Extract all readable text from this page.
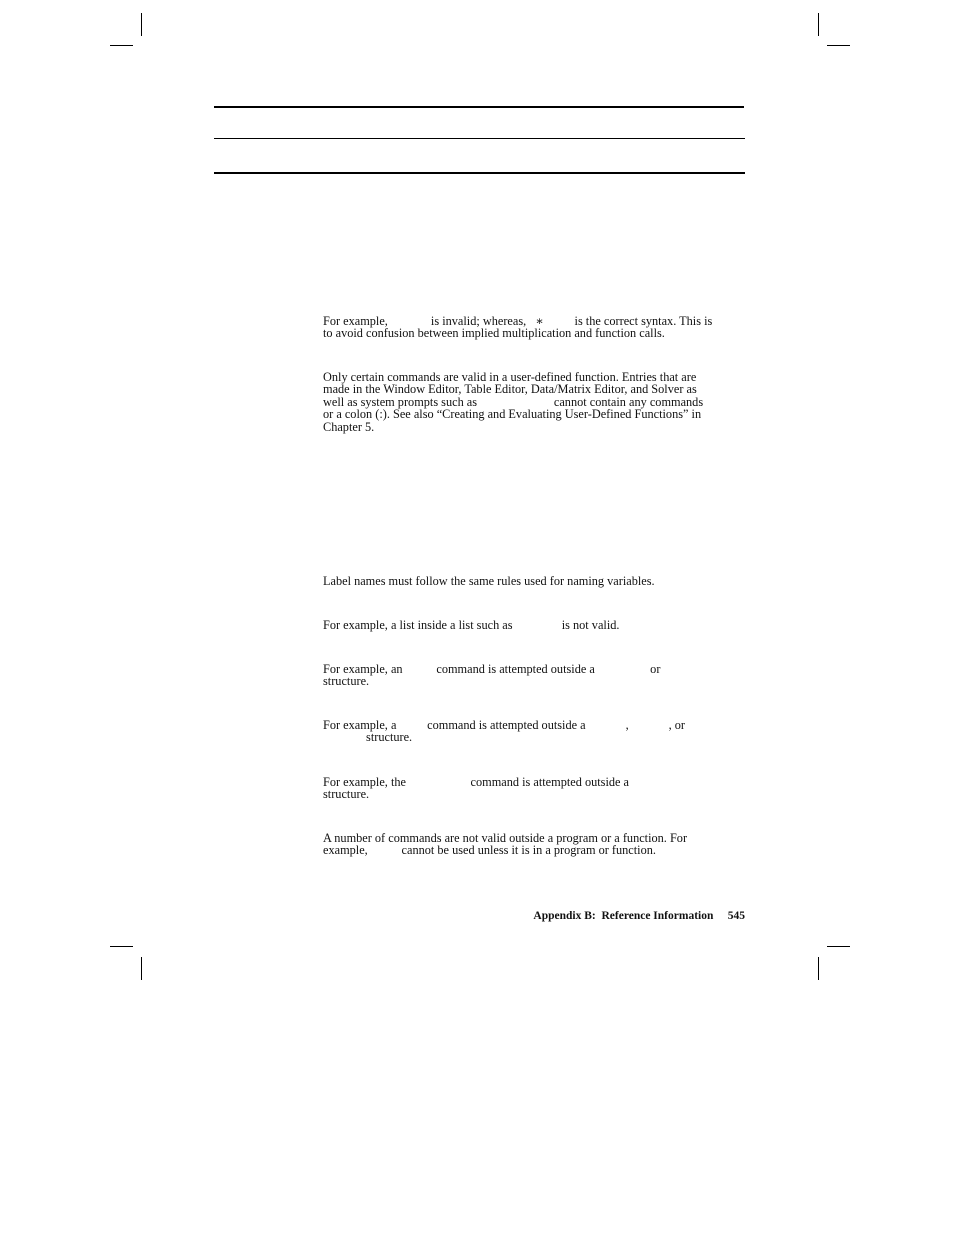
For example,              is invalid; whereas,   ∗          is the correct syntax. This is
to avoid confusion between implied multiplication and function calls.

Only certain commands are valid in a user-defined function. Entries that are
made in the Window Editor, Table Editor, Data/Matrix Editor, and Solver as
well as system prompts such as                         cannot contain any commands
or a colon (:). See also “Creating and Evaluating User-Defined Functions” in
Chapter 5.

Label names must follow the same rules used for naming variables.

For example, a list inside a list such as                is not valid.

For example, an           command is attempted outside a                  or
structure.

For example, a          command is attempted outside a             ,             , or
structure.

For example, the                     command is attempted outside a
structure.

A number of commands are not valid outside a program or a function. For
example,           cannot be used unless it is in a program or function.

Appendix B:  Reference Information     545
